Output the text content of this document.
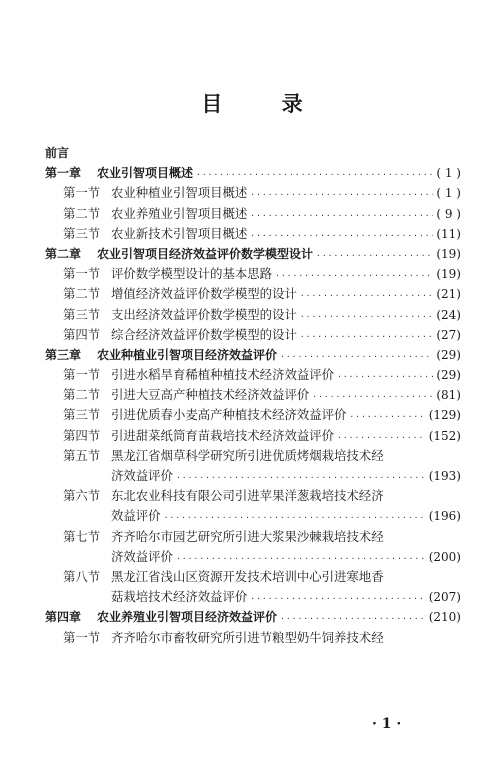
目 录
前言
第一章	农业引智项目概述 ·····	( 1 )
第一节 农业种植业引智项目概述 ·····	( 1 )
第二节 农业养殖业引智项目概述 ·····	( 9 )
第三节 农业新技术引智项目概述 ·····	(11)
第二章	农业引智项目经济效益评价数学模型设计 ·····	(19)
第一节 评价数学模型设计的基本思路 ·····	(19)
第二节 增值经济效益评价数学模型的设计 ·····	(21)
第三节 支出经济效益评价数学模型的设计 ·····	(24)
第四节 综合经济效益评价数学模型的设计 ·····	(27)
第三章	农业种植业引智项目经济效益评价 ·····	(29)
第一节 引进水稻旱育稀植种植技术经济效益评价 ·····	(29)
第二节 引进大豆高产种植技术经济效益评价 ·····	(81)
第三节 引进优质春小麦高产种植技术经济效益评价 ·····	(129)
第四节 引进甜菜纸筒育苗栽培技术经济效益评价 ·····	(152)
第五节 黑龙江省烟草科学研究所引进优质烤烟栽培技术经
济效益评价 ·····	(193)
第六节 东北农业科技有限公司引进苹果洋葱栽培技术经济
效益评价 ·····	(196)
第七节 齐齐哈尔市园艺研究所引进大浆果沙棘栽培技术经
济效益评价 ·····	(200)
第八节 黑龙江省浅山区资源开发技术培训中心引进寒地香
菇栽培技术经济效益评价 ·····	(207)
第四章	农业养殖业引智项目经济效益评价 ·····	(210)
第一节 齐齐哈尔市畜牧研究所引进节粮型奶牛饲养技术经
· 1 ·
